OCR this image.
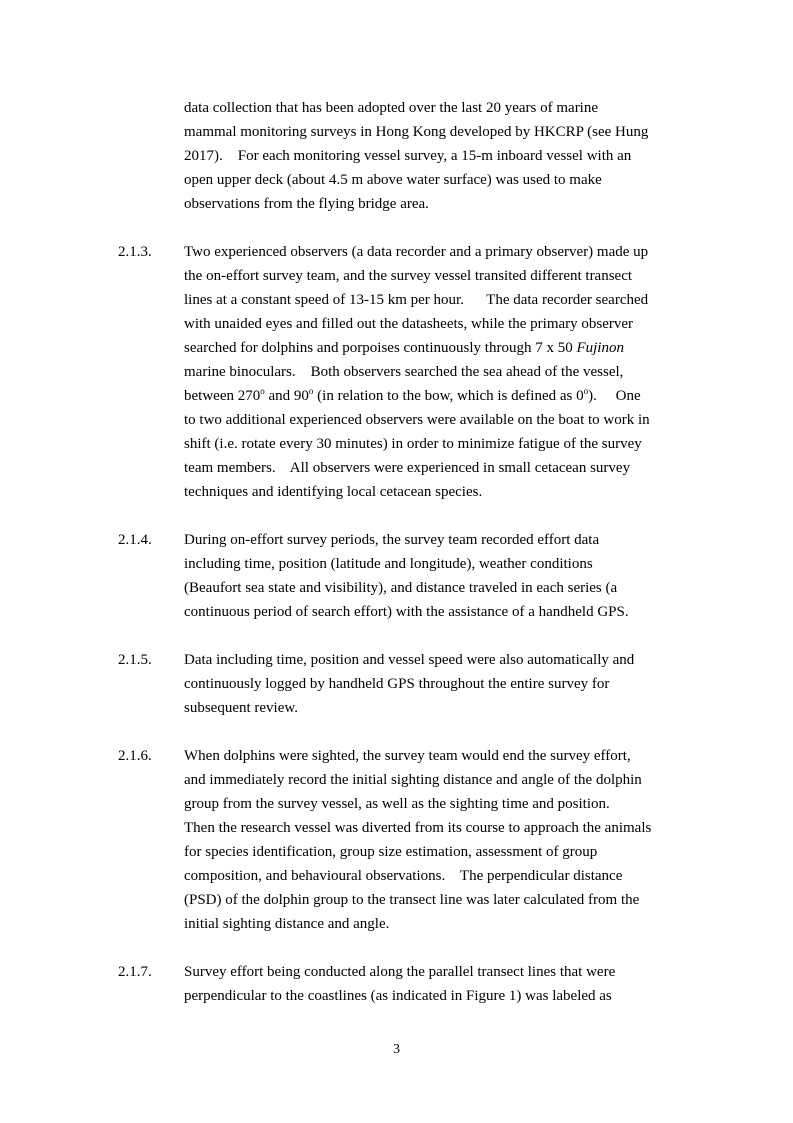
data collection that has been adopted over the last 20 years of marine
mammal monitoring surveys in Hong Kong developed by HKCRP (see Hung
2017).    For each monitoring vessel survey, a 15-m inboard vessel with an
open upper deck (about 4.5 m above water surface) was used to make
observations from the flying bridge area.
2.1.3. Two experienced observers (a data recorder and a primary observer) made up
the on-effort survey team, and the survey vessel transited different transect
lines at a constant speed of 13-15 km per hour.      The data recorder searched
with unaided eyes and filled out the datasheets, while the primary observer
searched for dolphins and porpoises continuously through 7 x 50 Fujinon
marine binoculars.    Both observers searched the sea ahead of the vessel,
between 270$^o$ and 90$^o$ (in relation to the bow, which is defined as 0$^o$).     One
to two additional experienced observers were available on the boat to work in
shift (i.e. rotate every 30 minutes) in order to minimize fatigue of the survey
team members.    All observers were experienced in small cetacean survey
techniques and identifying local cetacean species.
2.1.4. During on-effort survey periods, the survey team recorded effort data
including time, position (latitude and longitude), weather conditions
(Beaufort sea state and visibility), and distance traveled in each series (a
continuous period of search effort) with the assistance of a handheld GPS.
2.1.5. Data including time, position and vessel speed were also automatically and
continuously logged by handheld GPS throughout the entire survey for
subsequent review.
2.1.6. When dolphins were sighted, the survey team would end the survey effort,
and immediately record the initial sighting distance and angle of the dolphin
group from the survey vessel, as well as the sighting time and position.
Then the research vessel was diverted from its course to approach the animals
for species identification, group size estimation, assessment of group
composition, and behavioural observations.    The perpendicular distance
(PSD) of the dolphin group to the transect line was later calculated from the
initial sighting distance and angle.
2.1.7. Survey effort being conducted along the parallel transect lines that were
perpendicular to the coastlines (as indicated in Figure 1) was labeled as
3
